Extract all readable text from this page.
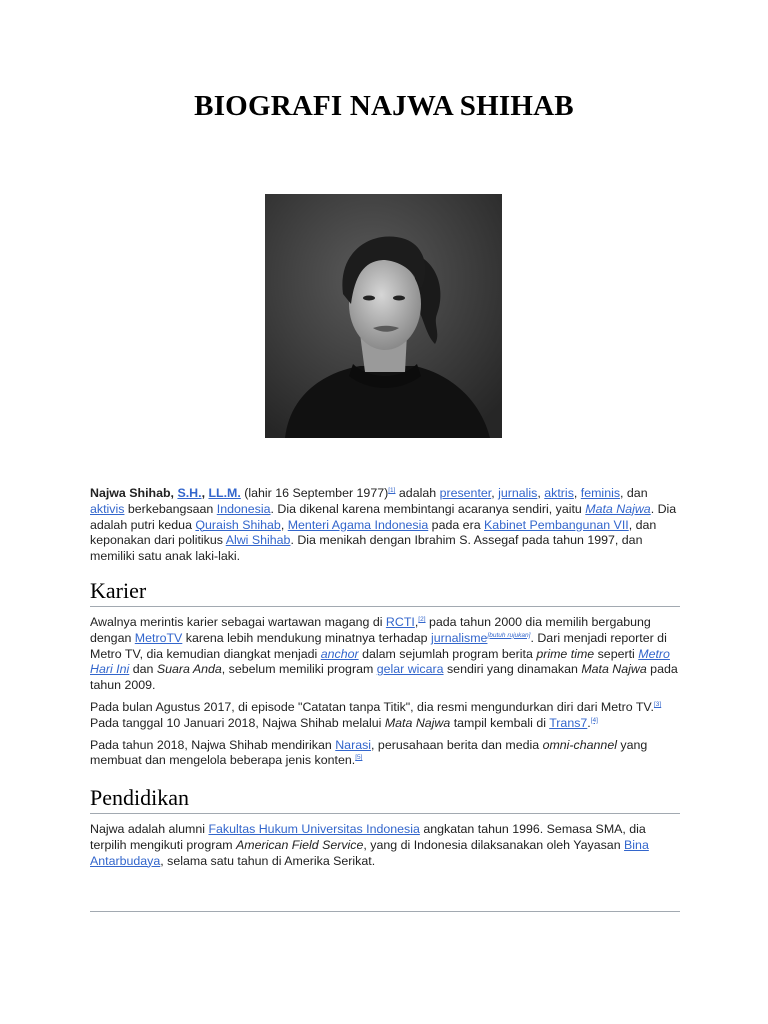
BIOGRAFI NAJWA SHIHAB

Najwa Shihab, S.H., LL.M. (lahir 16 September 1977)[1] adalah presenter, jurnalis, aktris, feminis, dan aktivis berkebangsaan Indonesia. Dia dikenal karena membintangi acaranya sendiri, yaitu Mata Najwa. Dia adalah putri kedua Quraish Shihab, Menteri Agama Indonesia pada era Kabinet Pembangunan VII, dan keponakan dari politikus Alwi Shihab. Dia menikah dengan Ibrahim S. Assegaf pada tahun 1997, dan memiliki satu anak laki-laki.

Karier

Awalnya merintis karier sebagai wartawan magang di RCTI,[2] pada tahun 2000 dia memilih bergabung dengan MetroTV karena lebih mendukung minatnya terhadap jurnalisme[butuh rujukan]. Dari menjadi reporter di Metro TV, dia kemudian diangkat menjadi anchor dalam sejumlah program berita prime time seperti Metro Hari Ini dan Suara Anda, sebelum memiliki program gelar wicara sendiri yang dinamakan Mata Najwa pada tahun 2009.

Pada bulan Agustus 2017, di episode "Catatan tanpa Titik", dia resmi mengundurkan diri dari Metro TV.[3] Pada tanggal 10 Januari 2018, Najwa Shihab melalui Mata Najwa tampil kembali di Trans7.[4]

Pada tahun 2018, Najwa Shihab mendirikan Narasi, perusahaan berita dan media omni-channel yang membuat dan mengelola beberapa jenis konten.[5]

Pendidikan

Najwa adalah alumni Fakultas Hukum Universitas Indonesia angkatan tahun 1996. Semasa SMA, dia terpilih mengikuti program American Field Service, yang di Indonesia dilaksanakan oleh Yayasan Bina Antarbudaya, selama satu tahun di Amerika Serikat.
